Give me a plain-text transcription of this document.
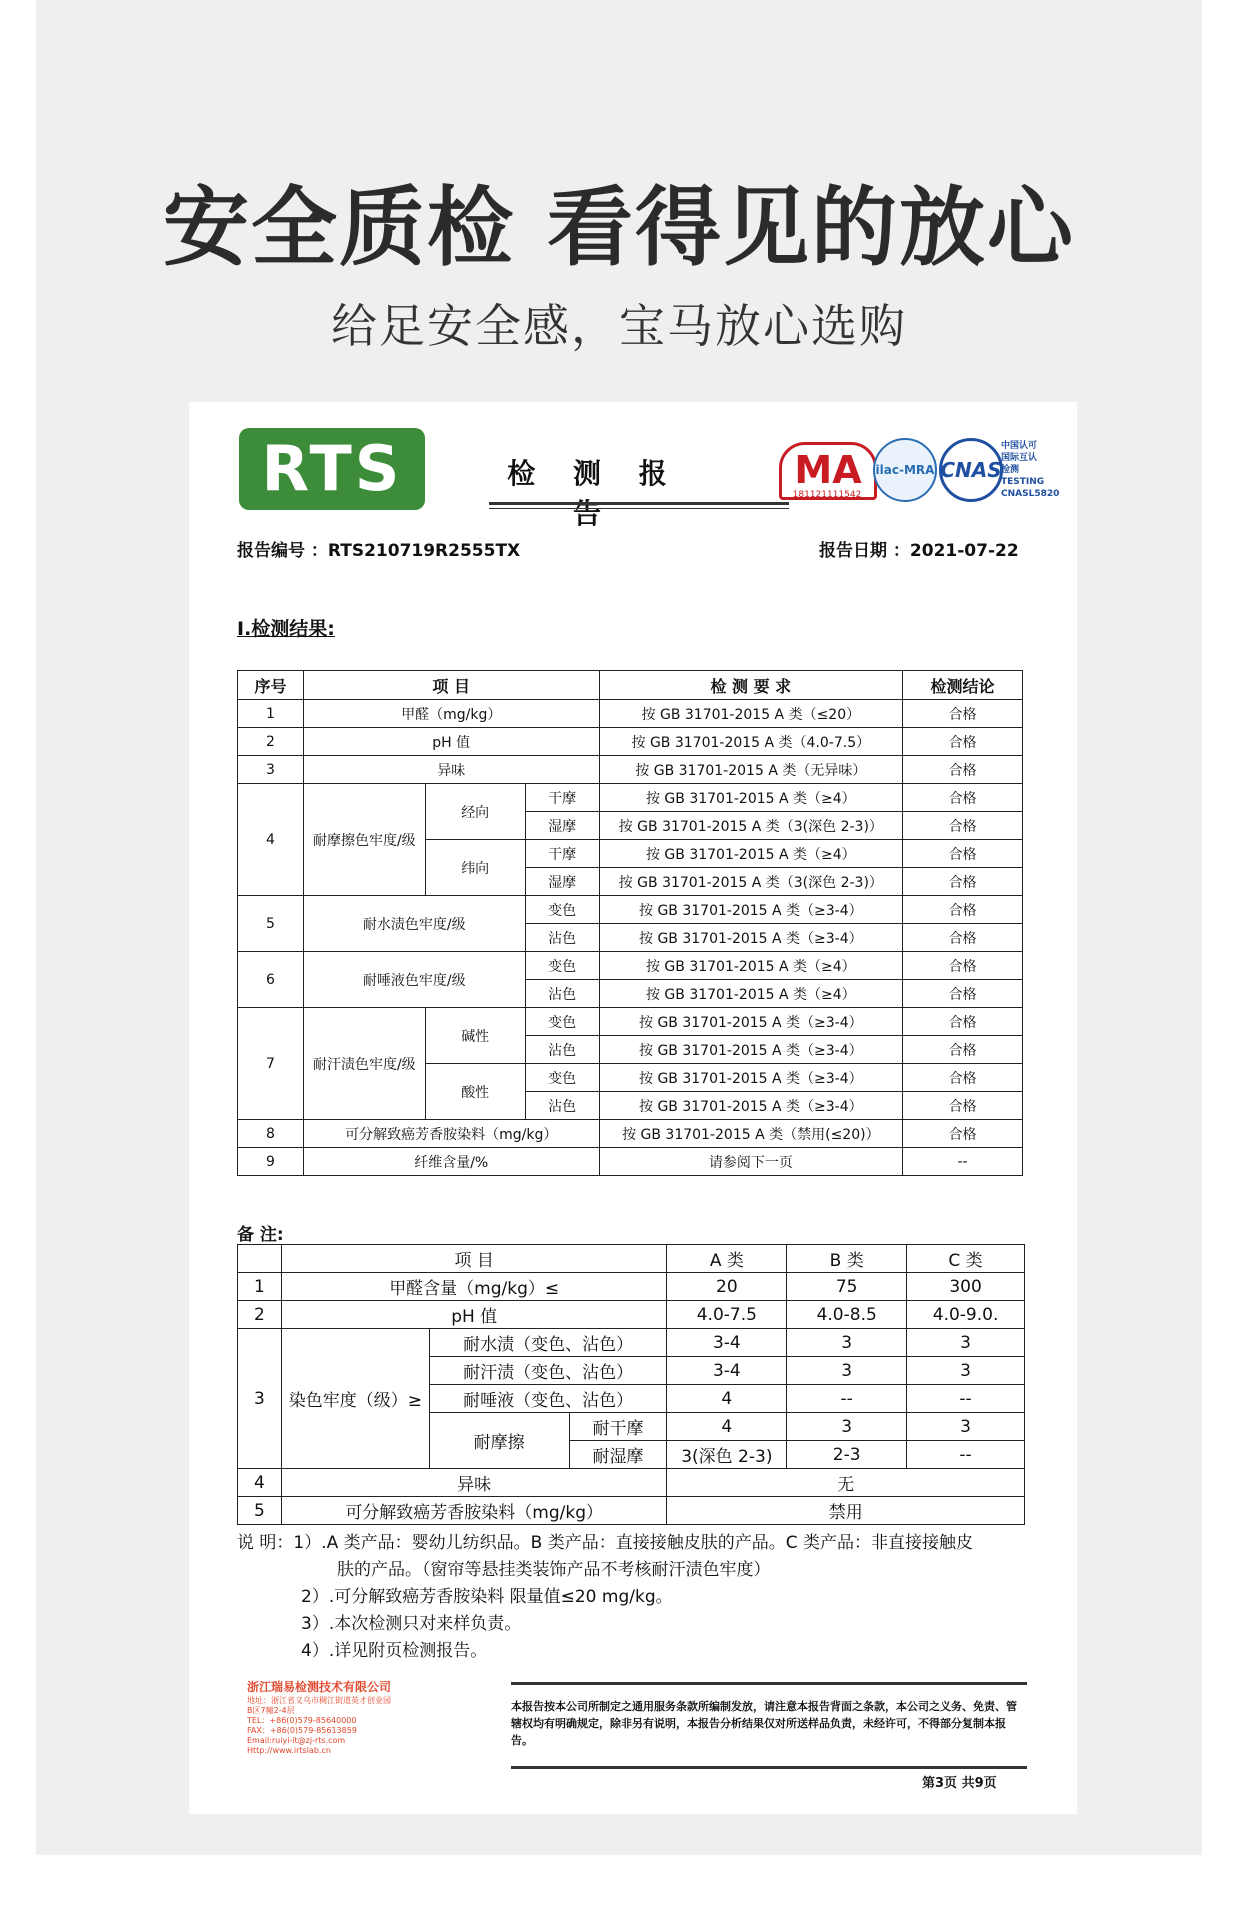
安全质检 看得见的放心
给足安全感，宝马放心选购
RTS	检 测 报 告
MA
181121111542
ilac-MRA CNAS
中国认可
国际互认
检测
TESTING
CNASL5820
报告编号 ：RTS210719R2555TX	报告日期 ：2021-07-22
I.检测结果:
序号	项 目			检 测 要 求	检测结论
1	甲醛（mg/kg）			按 GB 31701-2015 A 类（≤20）	合格
2	pH 值			按 GB 31701-2015 A 类（4.0-7.5）	合格
3	异味			按 GB 31701-2015 A 类（无异味）	合格
4	耐摩擦色牢度/级	经向	干摩	按 GB 31701-2015 A 类（≥4）	合格
			湿摩	按 GB 31701-2015 A 类（3(深色 2-3)）	合格
		纬向	干摩	按 GB 31701-2015 A 类（≥4）	合格
			湿摩	按 GB 31701-2015 A 类（3(深色 2-3)）	合格
5	耐水渍色牢度/级		变色	按 GB 31701-2015 A 类（≥3-4）	合格
			沾色	按 GB 31701-2015 A 类（≥3-4）	合格
6	耐唾液色牢度/级		变色	按 GB 31701-2015 A 类（≥4）	合格
			沾色	按 GB 31701-2015 A 类（≥4）	合格
7	耐汗渍色牢度/级	碱性	变色	按 GB 31701-2015 A 类（≥3-4）	合格
			沾色	按 GB 31701-2015 A 类（≥3-4）	合格
		酸性	变色	按 GB 31701-2015 A 类（≥3-4）	合格
			沾色	按 GB 31701-2015 A 类（≥3-4）	合格
8	可分解致癌芳香胺染料（mg/kg）			按 GB 31701-2015 A 类（禁用(≤20)）	合格
9	纤维含量/%			请参阅下一页	--
备 注:
	项 目			A 类	B 类	C 类
1	甲醛含量（mg/kg）≤			20	75	300
2	pH 值			4.0-7.5	4.0-8.5	4.0-9.0.
3	染色牢度（级）≥	耐水渍（变色、沾色）		3-4	3	3
		耐汗渍（变色、沾色）		3-4	3	3
		耐唾液（变色、沾色）		4	--	--
		耐摩擦	耐干摩	4	3	3
			耐湿摩	3(深色 2-3)	2-3	--
4	异味			无		
5	可分解致癌芳香胺染料（mg/kg）			禁用		
说 明：1）.A 类产品：婴幼儿纺织品。B 类产品：直接接触皮肤的产品。C 类产品：非直接接触皮
肤的产品。（窗帘等悬挂类装饰产品不考核耐汗渍色牢度）
2）.可分解致癌芳香胺染料 限量值≤20 mg/kg。
3）.本次检测只对来样负责。
4）.详见附页检测报告。
浙江瑞易检测技术有限公司
地址：浙江省义乌市稠江街道英才创业园
B区7幢2-4层
TEL：+86(0)579-85640000
FAX：+86(0)579-85613859
Email:ruiyi-it@zj-rts.com
Http://www.irtslab.cn
本报告按本公司所制定之通用服务条款所编制发放，请注意本报告背面之条款，本公司之义务、免责、管辖权均有明确规定，除非另有说明，本报告分析结果仅对所送样品负责，未经许可，不得部分复制本报告。
第3页 共9页
